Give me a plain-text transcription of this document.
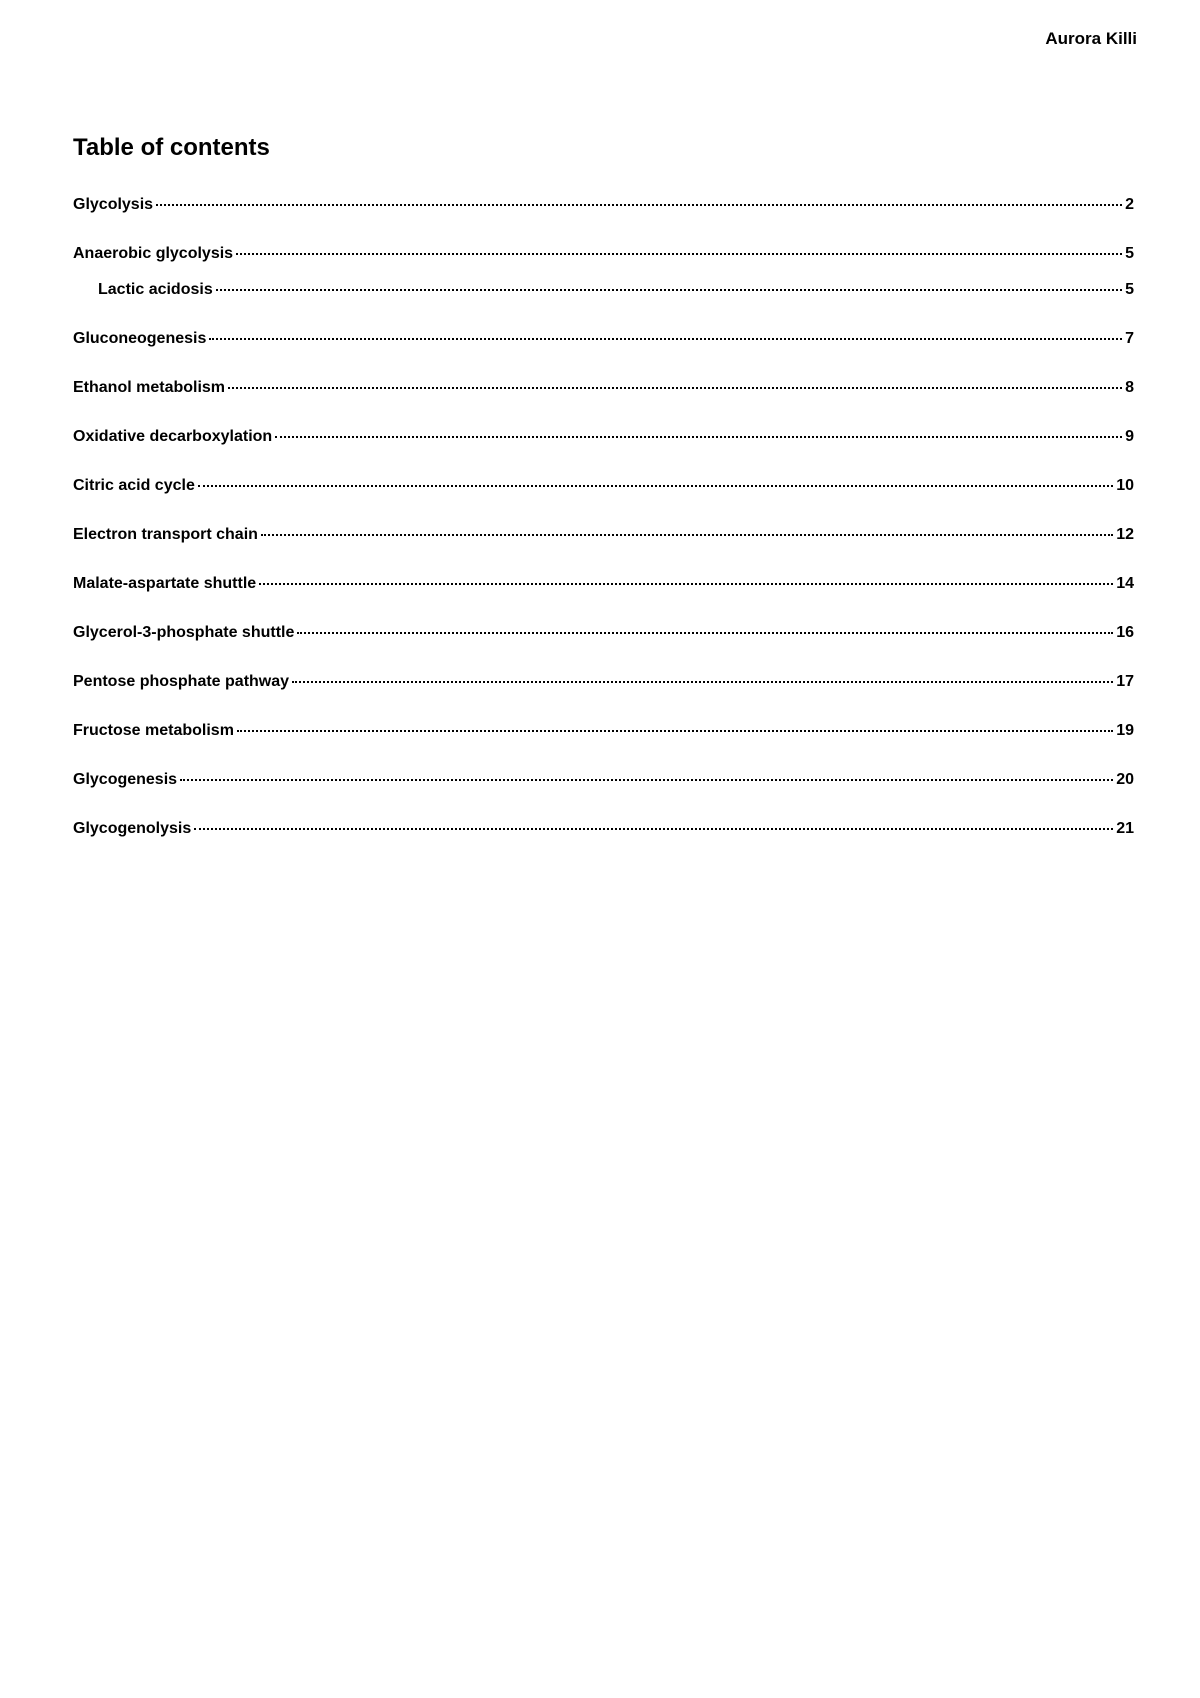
Aurora Killi
Table of contents
Glycolysis	2
Anaerobic glycolysis	5
Lactic acidosis	5
Gluconeogenesis	7
Ethanol metabolism	8
Oxidative decarboxylation	9
Citric acid cycle	10
Electron transport chain	12
Malate-aspartate shuttle	14
Glycerol-3-phosphate shuttle	16
Pentose phosphate pathway	17
Fructose metabolism	19
Glycogenesis	20
Glycogenolysis	21
